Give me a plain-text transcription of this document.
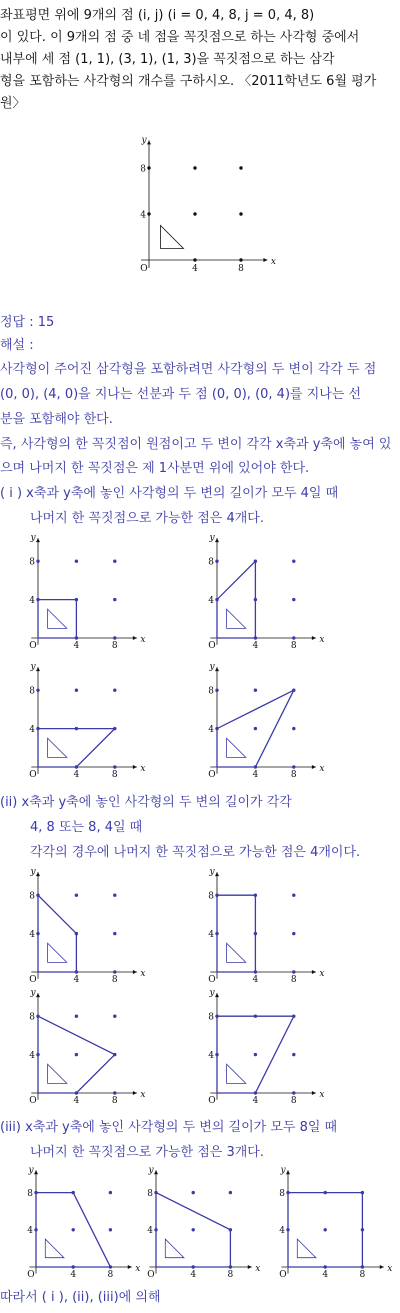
좌표평면 위에 9개의 점 (i, j) (i = 0, 4, 8, j = 0, 4, 8)
이 있다. 이 9개의 점 중 네 점을 꼭짓점으로 하는 사각형 중에서
내부에 세 점 (1, 1), (3, 1), (1, 3)을 꼭짓점으로 하는 삼각
형을 포함하는 사각형의 개수를 구하시오. 〈2011학년도 6월 평가
원〉
x
y
O	4
4
8
8
정답 : 15
해설 :
사각형이 주어진 삼각형을 포함하려면 사각형의 두 변이 각각 두 점
(0, 0), (4, 0)을 지나는 선분과 두 점 (0, 0), (0, 4)를 지나는 선
분을 포함해야 한다.
즉, 사각형의 한 꼭짓점이 원점이고 두 변이 각각 x축과 y축에 놓여 있
으며 나머지 한 꼭짓점은 제 1사분면 위에 있어야 한다.
( i ) x축과 y축에 놓인 사각형의 두 변의 길이가 모두 4일 때
나머지 한 꼭짓점으로 가능한 점은 4개다.
x
y
O	4
4
8
8
x
y
O	4
4
8
8
x
y
O	4
4
8
8
x
y
O	4
4
8
8
(ii) x축과 y축에 놓인 사각형의 두 변의 길이가 각각
4, 8 또는 8, 4일 때
각각의 경우에 나머지 한 꼭짓점으로 가능한 점은 4개이다.
x
y
O	4
4
8
8
x
y
O	4
4
8
8
x
y
O	4
4
8
8
x
y
O	4
4
8
8
(iii) x축과 y축에 놓인 사각형의 두 변의 길이가 모두 8일 때
나머지 한 꼭짓점으로 가능한 점은 3개다.
x
y
O	4
4
8
8
x
y
O	4
4
8
8
x
y
O	4
4
8
8
따라서 ( i ), (ii), (iii)에 의해
